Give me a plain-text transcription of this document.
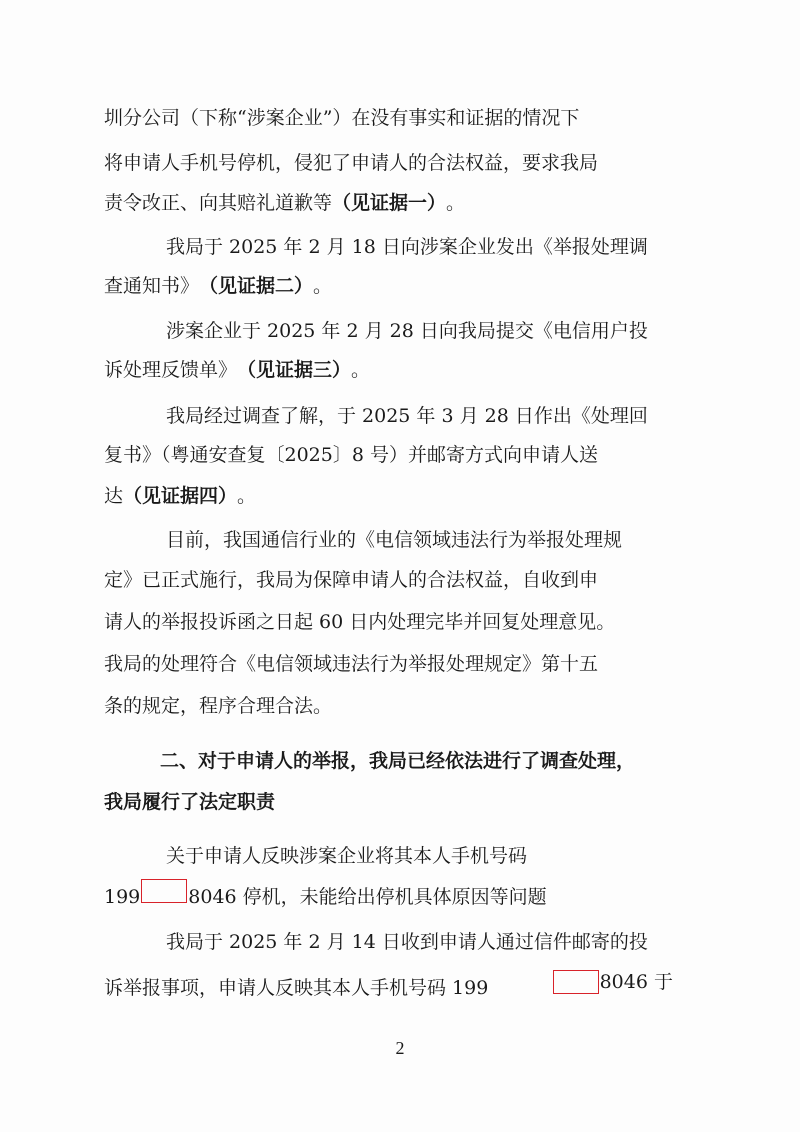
圳分公司（下称“涉案企业”）在没有事实和证据的情况下
将申请人手机号停机，侵犯了申请人的合法权益，要求我局
责令改正、向其赔礼道歉等 （见证据一） 。
我局于 2025 年 2 月 18 日向涉案企业发出《举报处理调
查通知书》 （见证据二） 。
涉案企业于 2025 年 2 月 28 日向我局提交《电信用户投
诉处理反馈单》 （见证据三） 。
我局经过调查了解，于 2025 年 3 月 28 日作出《处理回
复书》（粤通安查复〔2025〕8 号）并邮寄方式向申请人送
达 （见证据四） 。
目前，我国通信行业的《电信领域违法行为举报处理规
定》已正式施行，我局为保障申请人的合法权益，自收到申
请人的举报投诉函之日起 60 日内处理完毕并回复处理意见。
我局的处理符合《电信领域违法行为举报处理规定》第十五
条的规定，程序合理合法。
二、对于申请人的举报，我局已经依法进行了调查处理，
我局履行了法定职责
关于申请人反映涉案企业将其本人手机号码
199	8046 停机，未能给出停机具体原因等问题
我局于 2025 年 2 月 14 日收到申请人通过信件邮寄的投
诉举报事项，申请人反映其本人手机号码 199	8046 于
2
